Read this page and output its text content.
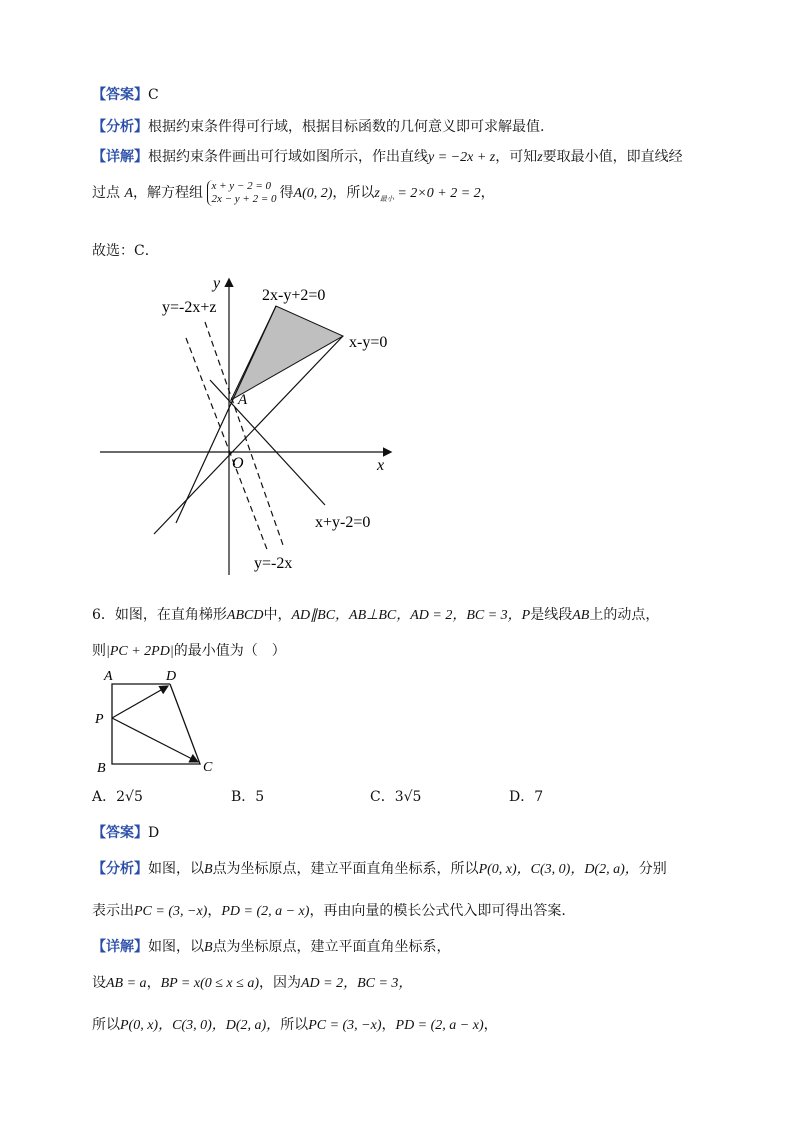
【答案】C
【分析】根据约束条件得可行域，根据目标函数的几何意义即可求解最值.
【详解】根据约束条件画出可行域如图所示，作出直线y = −2x + z，可知z要取最小值，即直线经
过点 A，解方程组 x + y − 2 = 0
2x − y + 2 = 0 得A(0, 2)，所以$z_{最小} = 2\times 0 + 2 = 2$，
故选：C．
y
x
O
A
2x-y+2=0
x-y=0
x+y-2=0
y=-2x+z
y=-2x
6．如图，在直角梯形ABCD中，AD∥BC，AB⊥BC，AD = 2，BC = 3，P是线段AB上的动点，
则|PC + 2PD|的最小值为（　）
A	D
P
B	C
A．2√5	B．5	C．3√5	D．7
【答案】D
【分析】如图，以B点为坐标原点，建立平面直角坐标系，所以P(0, x)，C(3, 0)，D(2, a)，分别
表示出PC = (3, −x)，PD = (2, a − x)，再由向量的模长公式代入即可得出答案.
【详解】如图，以B点为坐标原点，建立平面直角坐标系，
设AB = a，BP = x(0 ≤ x ≤ a)，因为AD = 2，BC = 3，
所以P(0, x)，C(3, 0)，D(2, a)，所以PC = (3, −x)，PD = (2, a − x)，
